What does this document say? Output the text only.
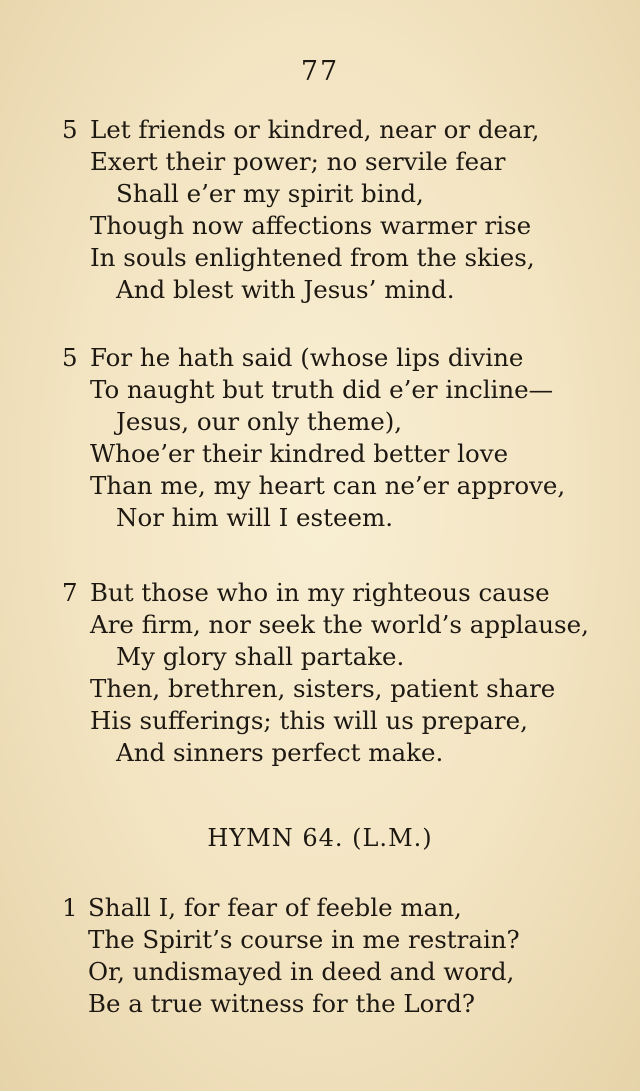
77
5 Let friends or kindred, near or dear,
Exert their power; no servile fear
Shall e’er my spirit bind,
Though now affections warmer rise
In souls enlightened from the skies,
And blest with Jesus’ mind.
5 For he hath said (whose lips divine
To naught but truth did e’er incline—
Jesus, our only theme),
Whoe’er their kindred better love
Than me, my heart can ne’er approve,
Nor him will I esteem.
7 But those who in my righteous cause
Are firm, nor seek the world’s applause,
My glory shall partake.
Then, brethren, sisters, patient share
His sufferings; this will us prepare,
And sinners perfect make.
HYMN 64. (L.M.)
1 Shall I, for fear of feeble man,
The Spirit’s course in me restrain?
Or, undismayed in deed and word,
Be a true witness for the Lord?
